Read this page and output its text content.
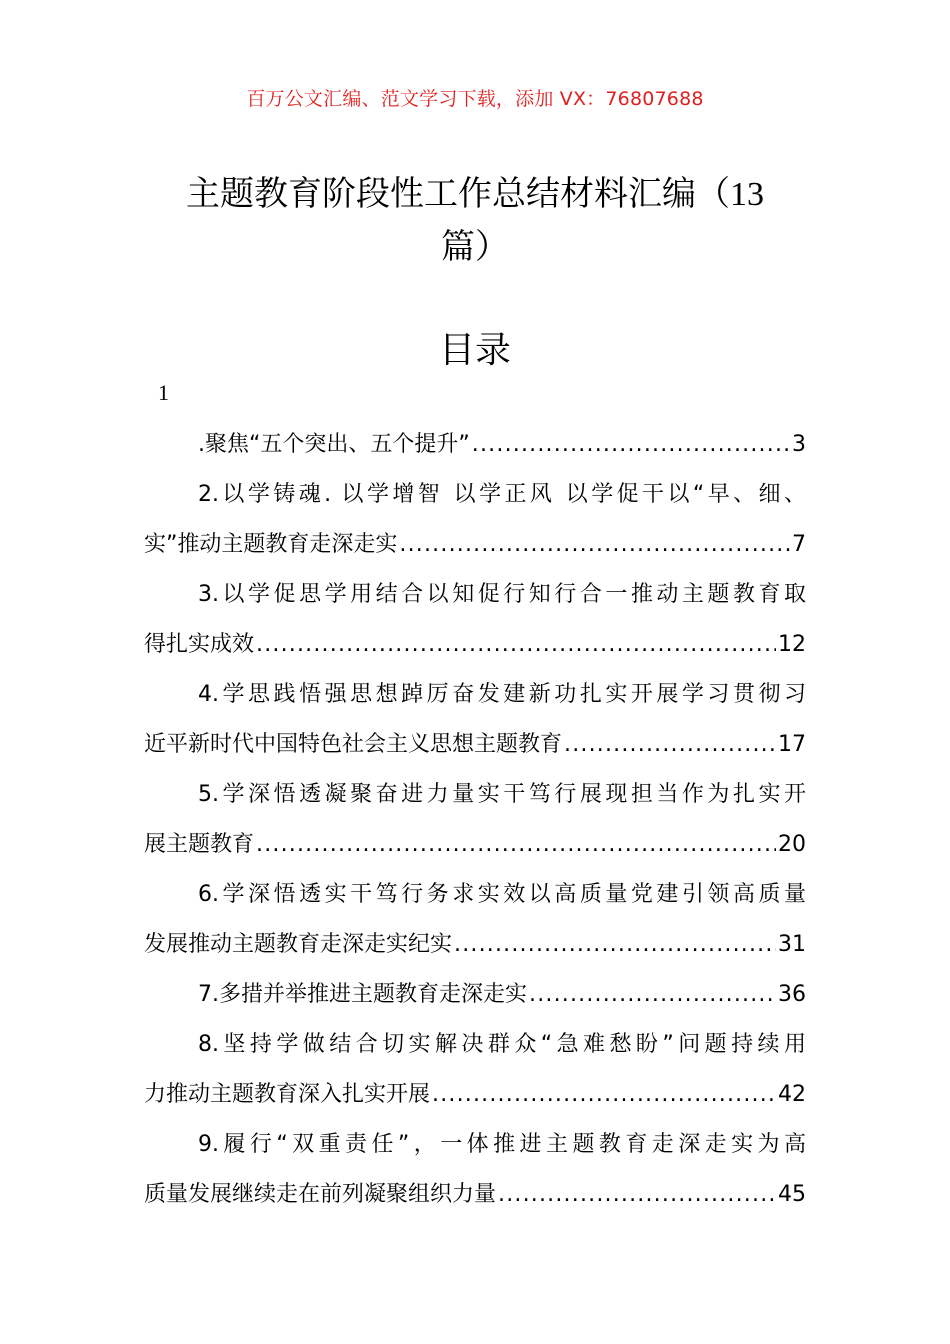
百万公文汇编、范文学习下载，添加 VX：76807688
主题教育阶段性工作总结材料汇编（13
篇）
目录
1
.聚焦“五个突出、五个提升” .....	3
2.以学铸魂. 以学增智 以学正风 以学促干以“早、细、
实”推动主题教育走深走实 .....	7
3.以学促思学用结合以知促行知行合一推动主题教育取
得扎实成效 .....	12
4.学思践悟强思想踔厉奋发建新功扎实开展学习贯彻习
近平新时代中国特色社会主义思想主题教育 .....	17
5.学深悟透凝聚奋进力量实干笃行展现担当作为扎实开
展主题教育 .....	20
6.学深悟透实干笃行务求实效以高质量党建引领高质量
发展推动主题教育走深走实纪实 .....	31
7.多措并举推进主题教育走深走实 .....	36
8.坚持学做结合切实解决群众“急难愁盼”问题持续用
力推动主题教育深入扎实开展 .....	42
9.履行“双重责任”，一体推进主题教育走深走实为高
质量发展继续走在前列凝聚组织力量 .....	45
